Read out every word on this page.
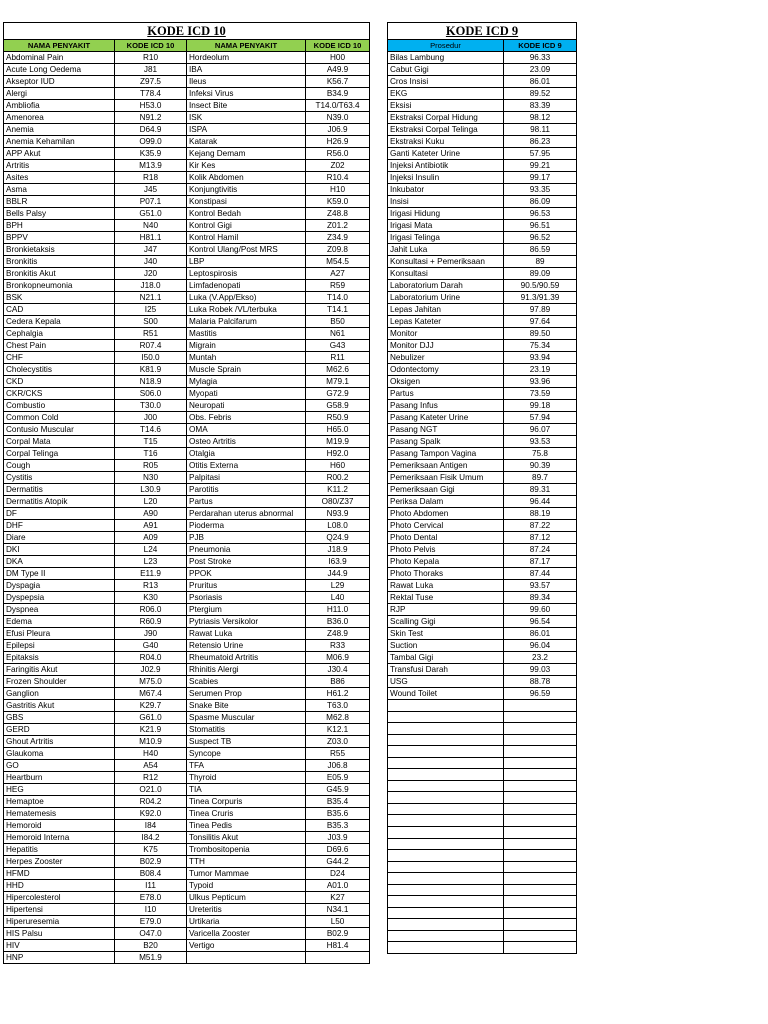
KODE ICD 10			
NAMA PENYAKIT	KODE ICD 10	NAMA PENYAKIT	KODE ICD 10
Abdominal Pain	R10	Hordeolum	H00
Acute Long Oedema	J81	IBA	A49.9
Akseptor IUD	Z97.5	Ileus	K56.7
Alergi	T78.4	Infeksi Virus	B34.9
Ambliofia	H53.0	Insect Bite	T14.0/T63.4
Amenorea	N91.2	ISK	N39.0
Anemia	D64.9	ISPA	J06.9
Anemia Kehamilan	O99.0	Katarak	H26.9
APP Akut	K35.9	Kejang Demam	R56.0
Artritis	M13.9	Kir Kes	Z02
Asites	R18	Kolik Abdomen	R10.4
Asma	J45	Konjungtivitis	H10
BBLR	P07.1	Konstipasi	K59.0
Bells Palsy	G51.0	Kontrol Bedah	Z48.8
BPH	N40	Kontrol Gigi	Z01.2
BPPV	H81.1	Kontrol Hamil	Z34.9
Bronkietaksis	J47	Kontrol Ulang/Post MRS	Z09.8
Bronkitis	J40	LBP	M54.5
Bronkitis Akut	J20	Leptospirosis	A27
Bronkopneumonia	J18.0	Limfadenopati	R59
BSK	N21.1	Luka (V.App/Ekso)	T14.0
CAD	I25	Luka Robek /VL/terbuka	T14.1
Cedera Kepala	S00	Malaria Palcifarum	B50
Cephalgia	R51	Mastitis	N61
Chest Pain	R07.4	Migrain	G43
CHF	I50.0	Muntah	R11
Cholecystitis	K81.9	Muscle Sprain	M62.6
CKD	N18.9	Mylagia	M79.1
CKR/CKS	S06.0	Myopati	G72.9
Combustio	T30.0	Neuropati	G58.9
Common Cold	J00	Obs. Febris	R50.9
Contusio Muscular	T14.6	OMA	H65.0
Corpal Mata	T15	Osteo Artritis	M19.9
Corpal Telinga	T16	Otalgia	H92.0
Cough	R05	Otitis Externa	H60
Cystitis	N30	Palpitasi	R00.2
Dermatitis	L30.9	Parotitis	K11.2
Dermatitis Atopik	L20	Partus	O80/Z37
DF	A90	Perdarahan uterus abnormal	N93.9
DHF	A91	Pioderma	L08.0
Diare	A09	PJB	Q24.9
DKI	L24	Pneumonia	J18.9
DKA	L23	Post Stroke	I63.9
DM Type II	E11.9	PPOK	J44.9
Dyspagia	R13	Pruritus	L29
Dyspepsia	K30	Psoriasis	L40
Dyspnea	R06.0	Ptergium	H11.0
Edema	R60.9	Pytriasis Versikolor	B36.0
Efusi Pleura	J90	Rawat Luka	Z48.9
Epilepsi	G40	Retensio Urine	R33
Epitaksis	R04.0	Rheumatoid Artritis	M06.9
Faringitis Akut	J02.9	Rhinitis Alergi	J30.4
Frozen Shoulder	M75.0	Scabies	B86
Ganglion	M67.4	Serumen Prop	H61.2
Gastritis Akut	K29.7	Snake Bite	T63.0
GBS	G61.0	Spasme Muscular	M62.8
GERD	K21.9	Stomatitis	K12.1
Ghout Artritis	M10.9	Suspect TB	Z03.0
Glaukoma	H40	Syncope	R55
GO	A54	TFA	J06.8
Heartburn	R12	Thyroid	E05.9
HEG	O21.0	TIA	G45.9
Hemaptoe	R04.2	Tinea Corpuris	B35.4
Hematemesis	K92.0	Tinea Cruris	B35.6
Hemoroid	I84	Tinea Pedis	B35.3
Hemoroid Interna	I84.2	Tonsilitis Akut	J03.9
Hepatitis	K75	Trombositopenia	D69.6
Herpes Zooster	B02.9	TTH	G44.2
HFMD	B08.4	Tumor Mammae	D24
HHD	I11	Typoid	A01.0
Hipercolesterol	E78.0	Ulkus Pepticum	K27
Hipertensi	I10	Ureteritis	N34.1
Hiperuresemia	E79.0	Urtikaria	L50
HIS Palsu	O47.0	Varicella Zooster	B02.9
HIV	B20	Vertigo	H81.4
HNP	M51.9		
KODE ICD 9	
Prosedur	KODE ICD 9
Bilas Lambung	96.33
Cabut Gigi	23.09
Cros Insisi	86.01
EKG	89.52
Eksisi	83.39
Ekstraksi Corpal Hidung	98.12
Ekstraksi Corpal Telinga	98.11
Ekstraksi Kuku	86.23
Ganti Kateter Urine	57.95
Injeksi Antibiotik	99.21
Injeksi Insulin	99.17
Inkubator	93.35
Insisi	86.09
Irigasi Hidung	96.53
Irigasi Mata	96.51
Irigasi Telinga	96.52
Jahit Luka	86.59
Konsultasi + Pemeriksaan	89
Konsultasi	89.09
Laboratorium Darah	90.5/90.59
Laboratorium Urine	91.3/91.39
Lepas Jahitan	97.89
Lepas Kateter	97.64
Monitor	89.50
Monitor DJJ	75.34
Nebulizer	93.94
Odontectomy	23.19
Oksigen	93.96
Partus	73.59
Pasang Infus	99.18
Pasang Kateter Urine	57.94
Pasang NGT	96.07
Pasang Spalk	93.53
Pasang Tampon Vagina	75.8
Pemeriksaan Antigen	90.39
Pemeriksaan Fisik Umum	89.7
Pemeriksaan Gigi	89.31
Periksa Dalam	96.44
Photo Abdomen	88.19
Photo Cervical	87.22
Photo Dental	87.12
Photo Pelvis	87.24
Photo Kepala	87.17
Photo Thoraks	87.44
Rawat Luka	93.57
Rektal Tuse	89.34
RJP	99.60
Scalling Gigi	96.54
Skin Test	86.01
Suction	96.04
Tambal Gigi	23.2
Transfusi Darah	99.03
USG	88.78
Wound Toilet	96.59
